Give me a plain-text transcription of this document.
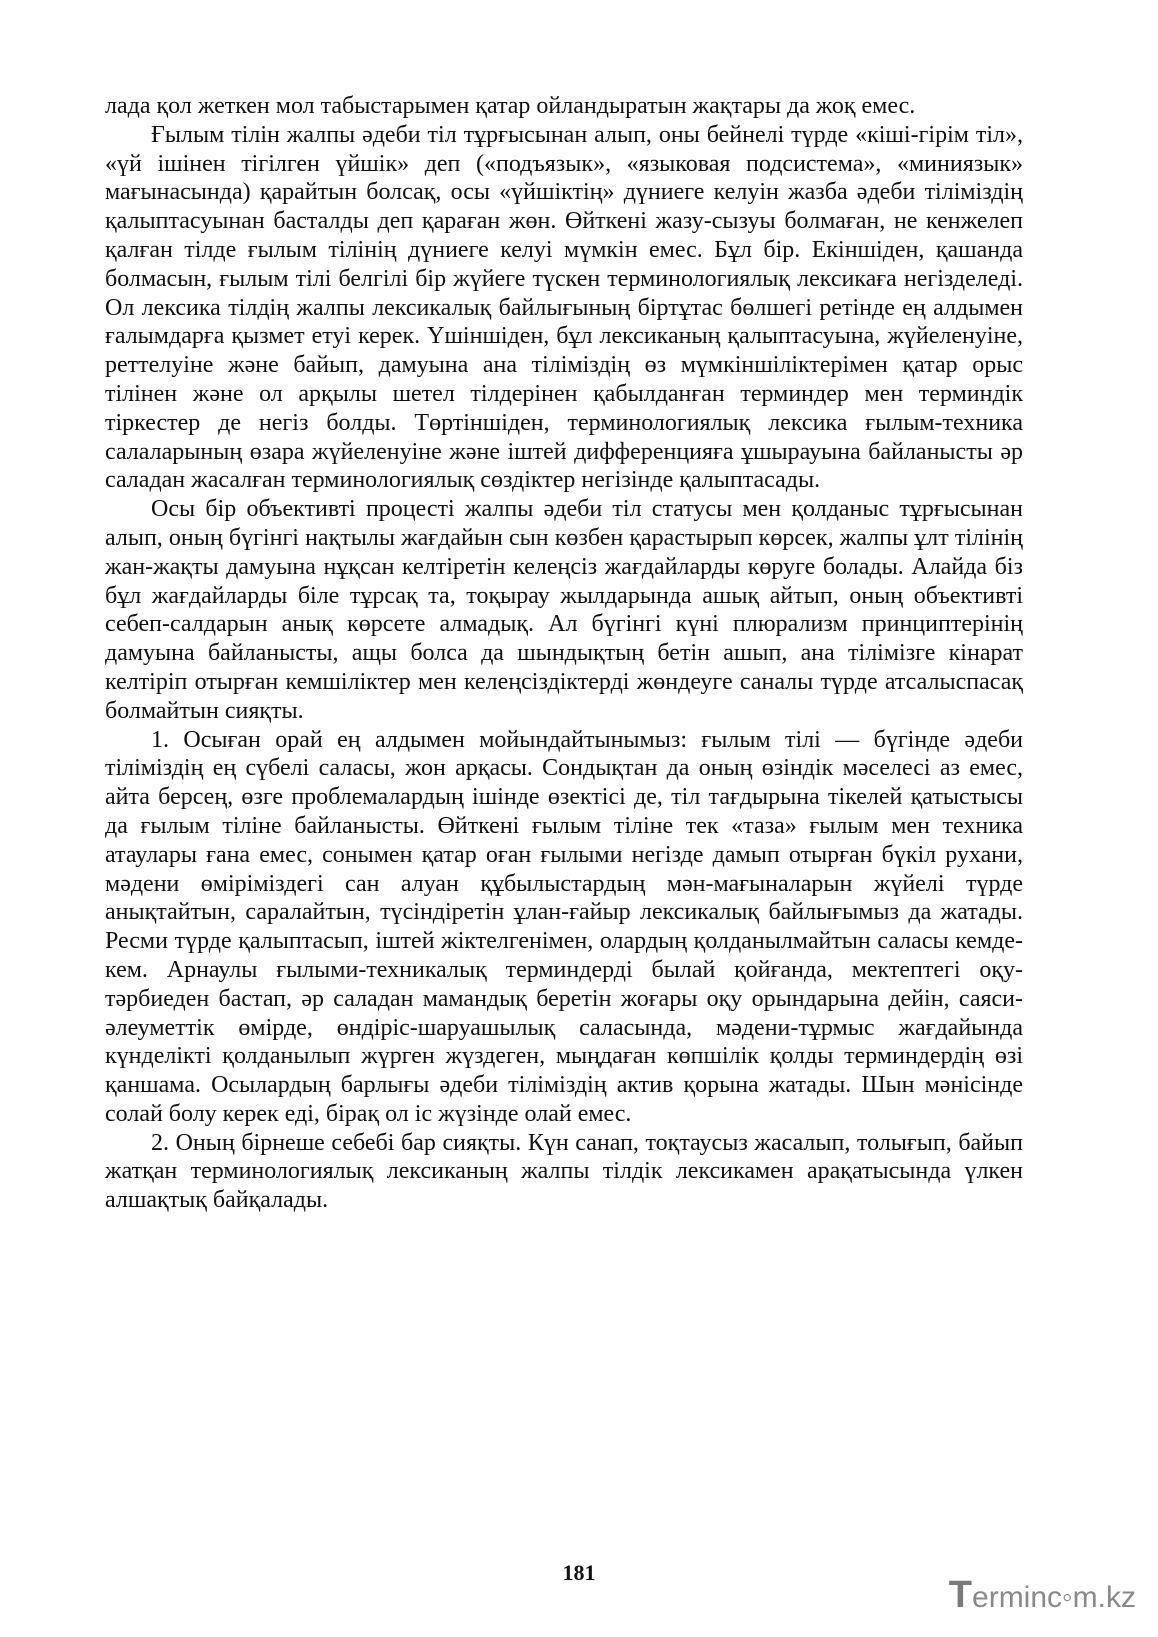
лада қол жеткен мол табыстарымен қатар ойландыратын жақтары да жоқ емес.

Ғылым тілін жалпы әдеби тіл тұрғысынан алып, оны бейнелі түрде «кіші-гірім тіл», «үй ішінен тігілген үйшік» деп («подъязык», «языковая подсистема», «миниязык» мағынасында) қарайтын болсақ, осы «үйшіктің» дүниеге келуін жазба әдеби тіліміздің қалыптасуынан басталды деп қараған жөн. Өйткені жазу-сызуы болмаған, не кенжелеп қалған тілде ғылым тілінің дүниеге келуі мүмкін емес. Бұл бір. Екіншіден, қашанда болмасын, ғылым тілі белгілі бір жүйеге түскен терминологиялық лексикаға негізделеді. Ол лексика тілдің жалпы лексикалық байлығының біртұтас бөлшегі ретінде ең алдымен ғалымдарға қызмет етуі керек. Үшіншіден, бұл лексиканың қалыптасуына, жүйеленуіне, реттелуіне және байып, дамуына ана тіліміздің өз мүмкіншіліктерімен қатар орыс тілінен және ол арқылы шетел тілдерінен қабылданған терминдер мен терминдік тіркестер де негіз болды. Төртіншіден, терминологиялық лексика ғылым-техника салаларының өзара жүйеленуіне және іштей дифференцияға ұшырауына байланысты әр саладан жасалған терминологиялық сөздіктер негізінде қалыптасады.

Осы бір объективті процесті жалпы әдеби тіл статусы мен қолданыс тұрғысынан алып, оның бүгінгі нақтылы жағдайын сын көзбен қарастырып көрсек, жалпы ұлт тілінің жан-жақты дамуына нұқсан келтіретін келеңсіз жағдайларды көруге болады. Алайда біз бұл жағдайларды біле тұрсақ та, тоқырау жылдарында ашық айтып, оның объективті себеп-салдарын анық көрсете алмадық. Ал бүгінгі күні плюрализм принциптерінің дамуына байланысты, ащы болса да шындықтың бетін ашып, ана тілімізге кінарат келтіріп отырған кемшіліктер мен келеңсіздіктерді жөндеуге саналы түрде атсалыспасақ болмайтын сияқты.

1. Осыған орай ең алдымен мойындайтынымыз: ғылым тілі — бүгінде әдеби тіліміздің ең сүбелі саласы, жон арқасы. Сондықтан да оның өзіндік мәселесі аз емес, айта берсең, өзге проблемалардың ішінде өзектісі де, тіл тағдырына тікелей қатыстысы да ғылым тіліне байланысты. Өйткені ғылым тіліне тек «таза» ғылым мен техника атаулары ғана емес, сонымен қатар оған ғылыми негізде дамып отырған бүкіл рухани, мәдени өміріміздегі сан алуан құбылыстардың мән-мағыналарын жүйелі түрде анықтайтын, саралайтын, түсіндіретін ұлан-ғайыр лексикалық байлығымыз да жатады. Ресми түрде қалыптасып, іштей жіктелгенімен, олардың қолданылмайтын саласы кемде-кем. Арнаулы ғылыми-техникалық терминдерді былай қойғанда, мектептегі оқу-тәрбиеден бастап, әр саладан мамандық беретін жоғары оқу орындарына дейін, саяси-әлеуметтік өмірде, өндіріс-шаруашылық саласында, мәдени-тұрмыс жағдайында күнделікті қолданылып жүрген жүздеген, мыңдаған көпшілік қолды терминдердің өзі қаншама. Осылардың барлығы әдеби тіліміздің актив қорына жатады. Шын мәнісінде солай болу керек еді, бірақ ол іс жүзінде олай емес.

2. Оның бірнеше себебі бар сияқты. Күн санап, тоқтаусыз жасалып, толығып, байып жатқан терминологиялық лексиканың жалпы тілдік лексикамен арақатысында үлкен алшақтық байқалады.

181
Terminc◦m.kz
